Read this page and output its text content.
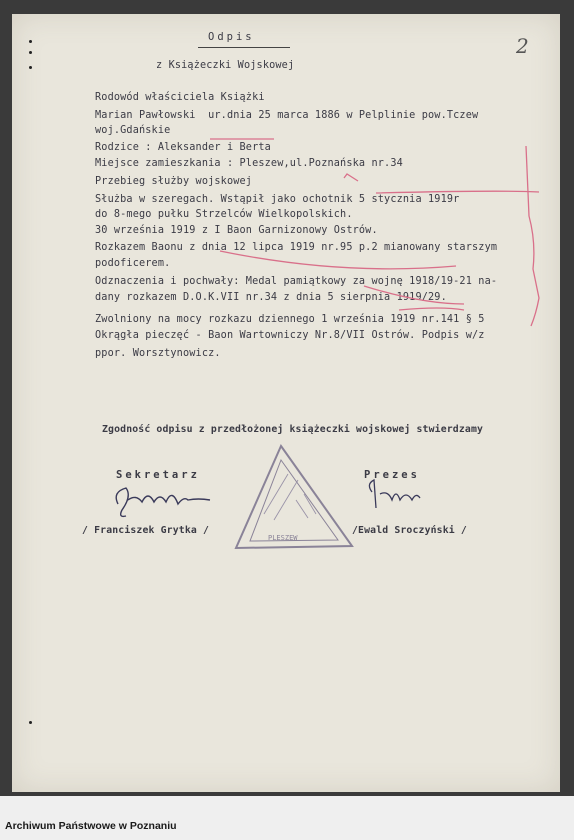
Odpis
z Książeczki Wojskowej
2
Rodowód właściciela Książki
Marian Pawłowski  ur.dnia 25 marca 1886 w Pelplinie pow.Tczew
woj.Gdańskie
Rodzice : Aleksander i Berta
Miejsce zamieszkania : Pleszew,ul.Poznańska nr.34
Przebieg służby wojskowej
Służba w szeregach. Wstąpił jako ochotnik 5 stycznia 1919r
do 8-mego pułku Strzelców Wielkopolskich.
30 września 1919 z I Baon Garnizonowy Ostrów.
Rozkazem Baonu z dnia 12 lipca 1919 nr.95 p.2 mianowany starszym
podoficerem.
Odznaczenia i pochwały: Medal pamiątkowy za wojnę 1918/19-21 na-
dany rozkazem D.O.K.VII nr.34 z dnia 5 sierpnia 1919/29.
Zwolniony na mocy rozkazu dziennego 1 września 1919 nr.141 § 5
Okrągła pieczęć - Baon Wartowniczy Nr.8/VII Ostrów. Podpis w/z
ppor. Worsztynowicz.
Zgodność odpisu z przedłożonej książeczki wojskowej stwierdzamy
Sekretarz	Prezes
/ Franciszek Grytka /	/Ewald Sroczyński /
PLESZEW
Archiwum Państwowe w Poznaniu
